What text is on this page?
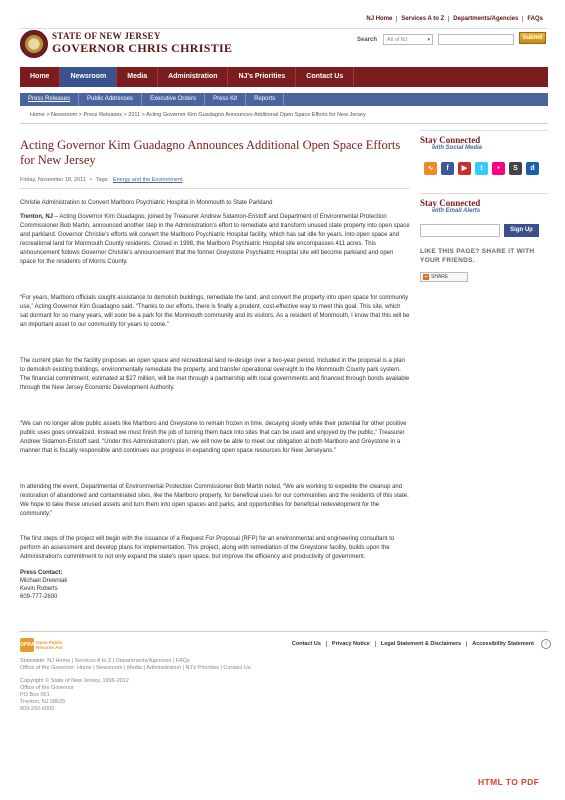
NJ Home	Services A to Z	Departments/Agencies	FAQs
STATE OF NEW JERSEY
GOVERNOR CHRIS CHRISTIE
Search	All of NJ	▾	Submit
Home	Newsroom	Media	Administration	NJ's Priorities	Contact Us
Press Releases	Public Addresses	Executive Orders	Press Kit	Reports
Home > Newsroom > Press Releases > 2011 > Acting Governor Kim Guadagno Announces Additional Open Space Efforts for New Jersey
Acting Governor Kim Guadagno Announces Additional Open Space Efforts for New Jersey
Friday, November 18, 2011 • Tags: Energy and the Environment
Christie Administration to Convert Marlboro Psychiatric Hospital in Monmouth to State Parkland
Trenton, NJ – Acting Governor Kim Guadagno, joined by Treasurer Andrew Sidamon-Eristoff and Department of Environmental Protection Commissioner Bob Martin, announced another step in the Administration's effort to remediate and transform unused state property into open space and parkland. Governor Christie's efforts will convert the Marlboro Psychiatric Hospital facility, which has sat idle for years, into open space and recreational land for Monmouth County residents. Closed in 1998, the Marlboro Psychiatric Hospital site encompasses 411 acres. This announcement follows Governor Christie's announcement that the former Greystone Psychiatric Hospital site will become parkland and open space for the residents of Morris County.
“For years, Marlboro officials sought assistance to demolish buildings, remediate the land, and convert the property into open space for community use,” Acting Governor Kim Guadagno said. “Thanks to our efforts, there is finally a prudent, cost-effective way to meet this goal. This site, which sat dormant for so many years, will soon be a park for the Monmouth community and its visitors. As a resident of Monmouth, I know that this will be an important asset to our community for years to come.”
The current plan for the facility proposes an open space and recreational land re-design over a two-year period. Included in the proposal is a plan to demolish existing buildings, environmentally remediate the property, and transfer operational oversight to the Monmouth County park system. The financial commitment, estimated at $27 million, will be met through a partnership with local governments and financed through bonds available through the New Jersey Economic Development Authority.
“We can no longer allow public assets like Marlboro and Greystone to remain frozen in time, decaying slowly while their potential for other positive public uses goes unrealized. Instead we must finish the job of turning them back into sites that can be used and enjoyed by the public,” Treasurer Andrew Sidamon-Eristoff said. “Under this Administration's plan, we will now be able to meet our obligation at both Marlboro and Greystone in a manner that is fiscally responsible and continues our progress in expanding open space resources for New Jerseyans.”
In attending the event, Departmental of Environmental Protection Commissioner Bob Martin noted, “We are working to expedite the cleanup and restoration of abandoned and contaminated sites, like the Marlboro property, for beneficial uses for our communities and the residents of this state. We hope to take these unused assets and turn them into open spaces and parks, and opportunities for beneficial redevelopment for the community.”
The first steps of the project will begin with the issuance of a Request For Proposal (RFP) for an environmental and engineering consultant to perform an assessment and develop plans for implementation. This project, along with remediation of the Greystone facility, builds upon the Administration's commitment to not only expand the state's open space, but improve the efficiency and productivity of government.
Press Contact:
Michael Drewniak
Kevin Roberts
609-777-2600
Stay Connected
with Social Media
∿	f	▶	t	•	S	d
Stay Connected
with Email Alerts
Sign Up
LIKE THIS PAGE? SHARE IT WITH YOUR FRIENDS.
+ SHARE
OPRA Open Public Records Act
Contact Us	Privacy Notice	Legal Statement & Disclaimers	Accessibility Statement	↑
Statewide: NJ Home | Services A to Z | Departments/Agencies | FAQs
Office of the Governor: Home | Newsroom | Media | Administration | NJ's Priorities | Contact Us
Copyright © State of New Jersey, 1996-2012
Office of the Governor
PO Box 001
Trenton, NJ 08625
609-292-6000
HTML TO PDF
